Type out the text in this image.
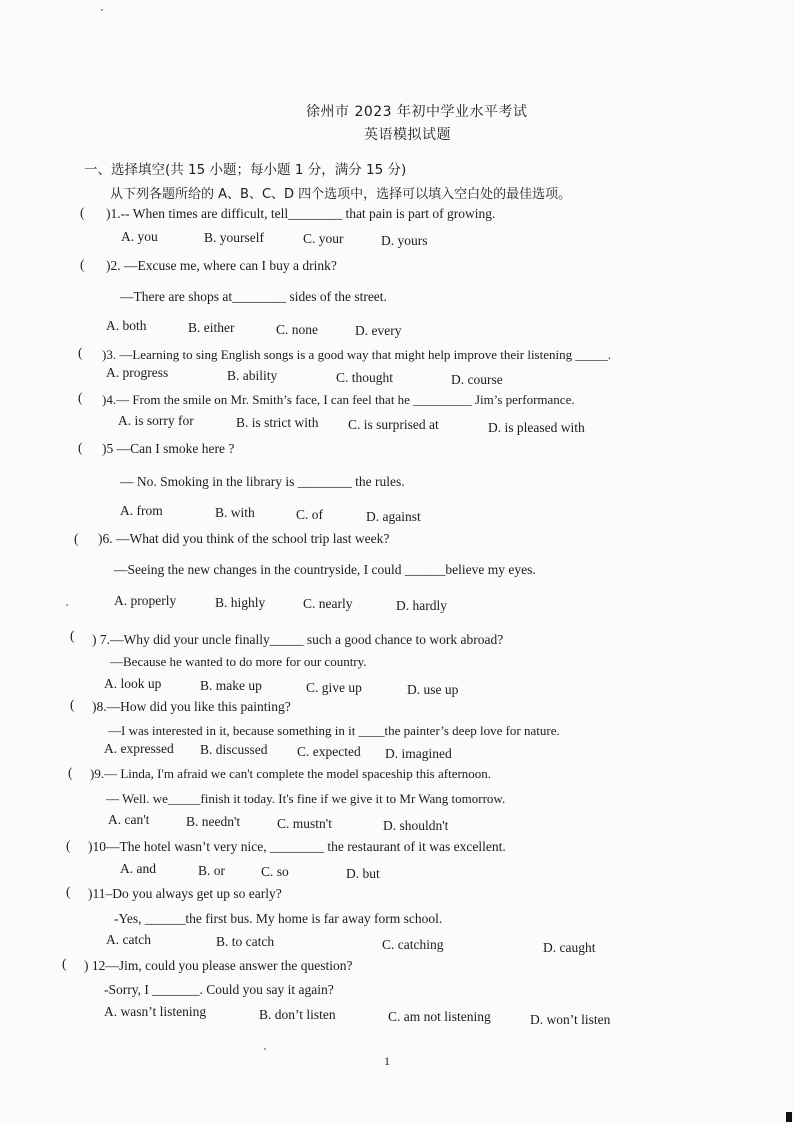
徐州市 2023 年初中学业水平考试
英语模拟试题
一、选择填空(共 15 小题；每小题 1 分，满分 15 分)
从下列各题所给的 A、B、C、D 四个选项中，选择可以填入空白处的最佳选项。
( )1.-- When times are difficult, tell________ that pain is part of growing.
A. you	B. yourself	C. your	D. yours
( )2. —Excuse me, where can I buy a drink?
—There are shops at________ sides of the street.
A. both	B. either	C. none	D. every
( )3. —Learning to sing English songs is a good way that might help improve their listening _____.
A. progress	B. ability	C. thought	D. course
( )4.— From the smile on Mr. Smith’s face, I can feel that he _________ Jim’s performance.
A. is sorry for	B. is strict with C. is surprised at	D. is pleased with
( )5 —Can I smoke here ?
— No. Smoking in the library is ________ the rules.
A. from	B. with	C. of	D. against
( )6. —What did you think of the school trip last week?
—Seeing the new changes in the countryside, I could ______believe my eyes.
A. properly	B. highly	C. nearly	D. hardly
( ) 7.—Why did your uncle finally_____ such a good chance to work abroad?
—Because he wanted to do more for our country.
A. look up	B. make up	C. give up	D. use up
( )8.—How did you like this painting?
—I was interested in it, because something in it ____the painter’s deep love for nature.
A. expressed B. discussed C. expected D. imagined
( )9.— Linda, I'm afraid we can't complete the model spaceship this afternoon.
— Well. we_____finish it today. It's fine if we give it to Mr Wang tomorrow.
A. can't	B. needn't	C. mustn't	D. shouldn't
( )10—The hotel wasn’t very nice, ________ the restaurant of it was excellent.
A. and	B. or	C. so	D. but
( )11–Do you always get up so early?
-Yes, ______the first bus. My home is far away form school.
A. catch	B. to catch	C. catching	D. caught
( ) 12—Jim, could you please answer the question?
-Sorry, I _______. Could you say it again?
A. wasn’t listening	B. don’t listen	C. am not listening	D. won’t listen
1
